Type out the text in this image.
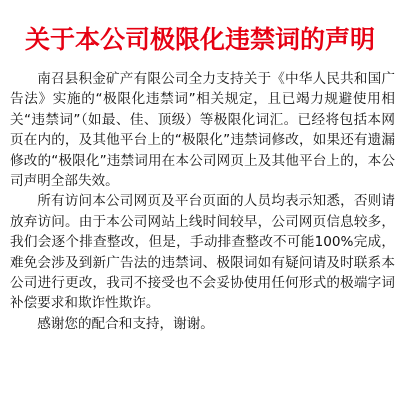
关于本公司极限化违禁词的声明

南召县积金矿产有限公司全力支持关于《中华人民共和国广告法》实施的“极限化违禁词”相关规定，且已竭力规避使用相关“违禁词”（如最、佳、顶级）等极限化词汇。已经将包括本网页在内的，及其他平台上的“极限化”违禁词修改，如果还有遗漏修改的“极限化”违禁词用在本公司网页上及其他平台上的，本公司声明全部失效。

所有访问本公司网页及平台页面的人员均表示知悉，否则请放弃访问。由于本公司网站上线时间较早，公司网页信息较多，我们会逐个排查整改，但是，手动排查整改不可能100%完成，难免会涉及到新广告法的违禁词、极限词如有疑问请及时联系本公司进行更改，我司不接受也不会妥协使用任何形式的极端字词补偿要求和欺诈性欺诈。

感谢您的配合和支持，谢谢。
